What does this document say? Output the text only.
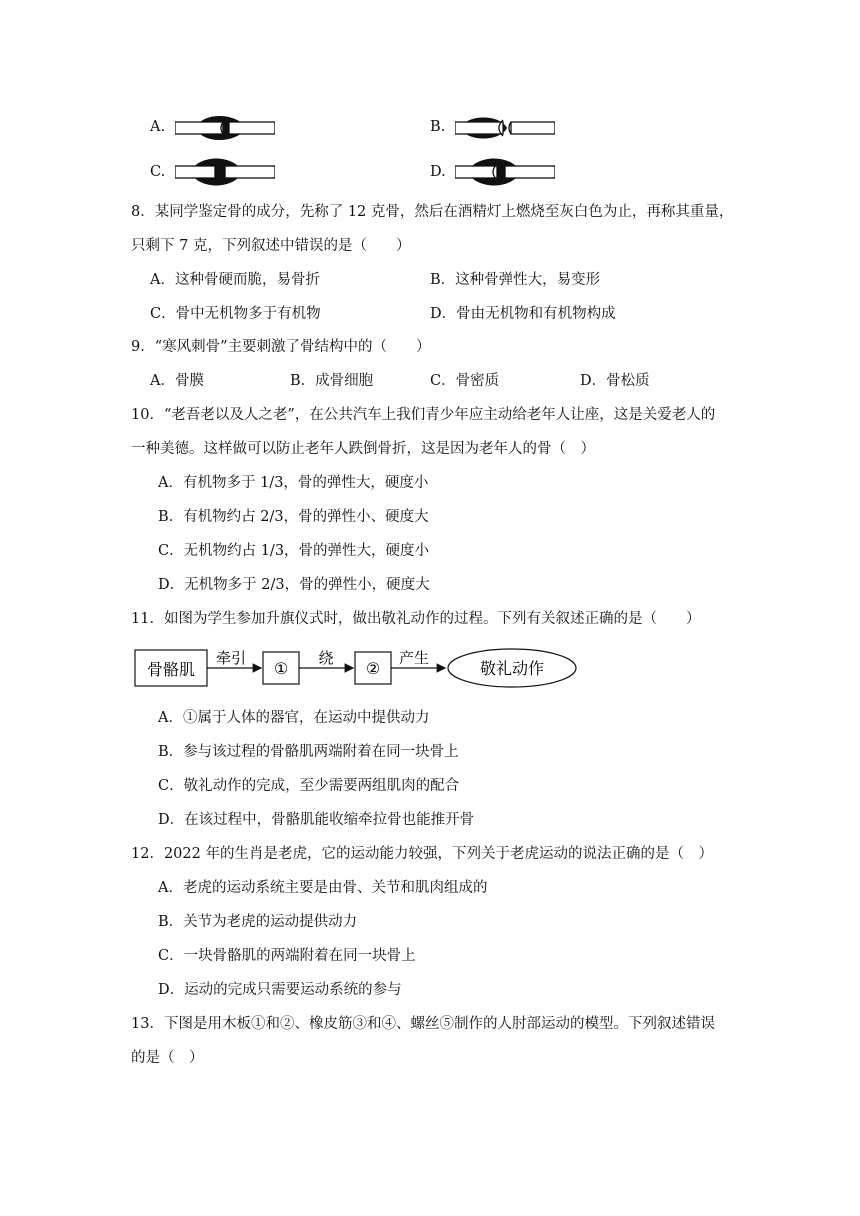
A.	B.
C.	D.
8．某同学鉴定骨的成分，先称了 12 克骨，然后在酒精灯上燃烧至灰白色为止，再称其重量，
只剩下 7 克，下列叙述中错误的是（　　）
A．这种骨硬而脆，易骨折	B．这种骨弹性大，易变形
C．骨中无机物多于有机物	D．骨由无机物和有机物构成
9．“寒风刺骨”主要刺激了骨结构中的（　　）
A．骨膜	B．成骨细胞	C．骨密质	D．骨松质
10．“老吾老以及人之老”，在公共汽车上我们青少年应主动给老年人让座，这是关爱老人的
一种美德。这样做可以防止老年人跌倒骨折，这是因为老年人的骨（　）
A．有机物多于 1/3，骨的弹性大，硬度小
B．有机物约占 2/3，骨的弹性小、硬度大
C．无机物约占 1/3，骨的弹性大，硬度小
D．无机物多于 2/3，骨的弹性小，硬度大
11．如图为学生参加升旗仪式时，做出敬礼动作的过程。下列有关叙述正确的是（　　）
骨骼肌
牵引
①
绕
②
产生
敬礼动作
A．①属于人体的器官，在运动中提供动力
B．参与该过程的骨骼肌两端附着在同一块骨上
C．敬礼动作的完成，至少需要两组肌肉的配合
D．在该过程中，骨骼肌能收缩牵拉骨也能推开骨
12．2022 年的生肖是老虎，它的运动能力较强，下列关于老虎运动的说法正确的是（　）
A．老虎的运动系统主要是由骨、关节和肌肉组成的
B．关节为老虎的运动提供动力
C．一块骨骼肌的两端附着在同一块骨上
D．运动的完成只需要运动系统的参与
13．下图是用木板①和②、橡皮筋③和④、螺丝⑤制作的人肘部运动的模型。下列叙述错误
的是（　）
